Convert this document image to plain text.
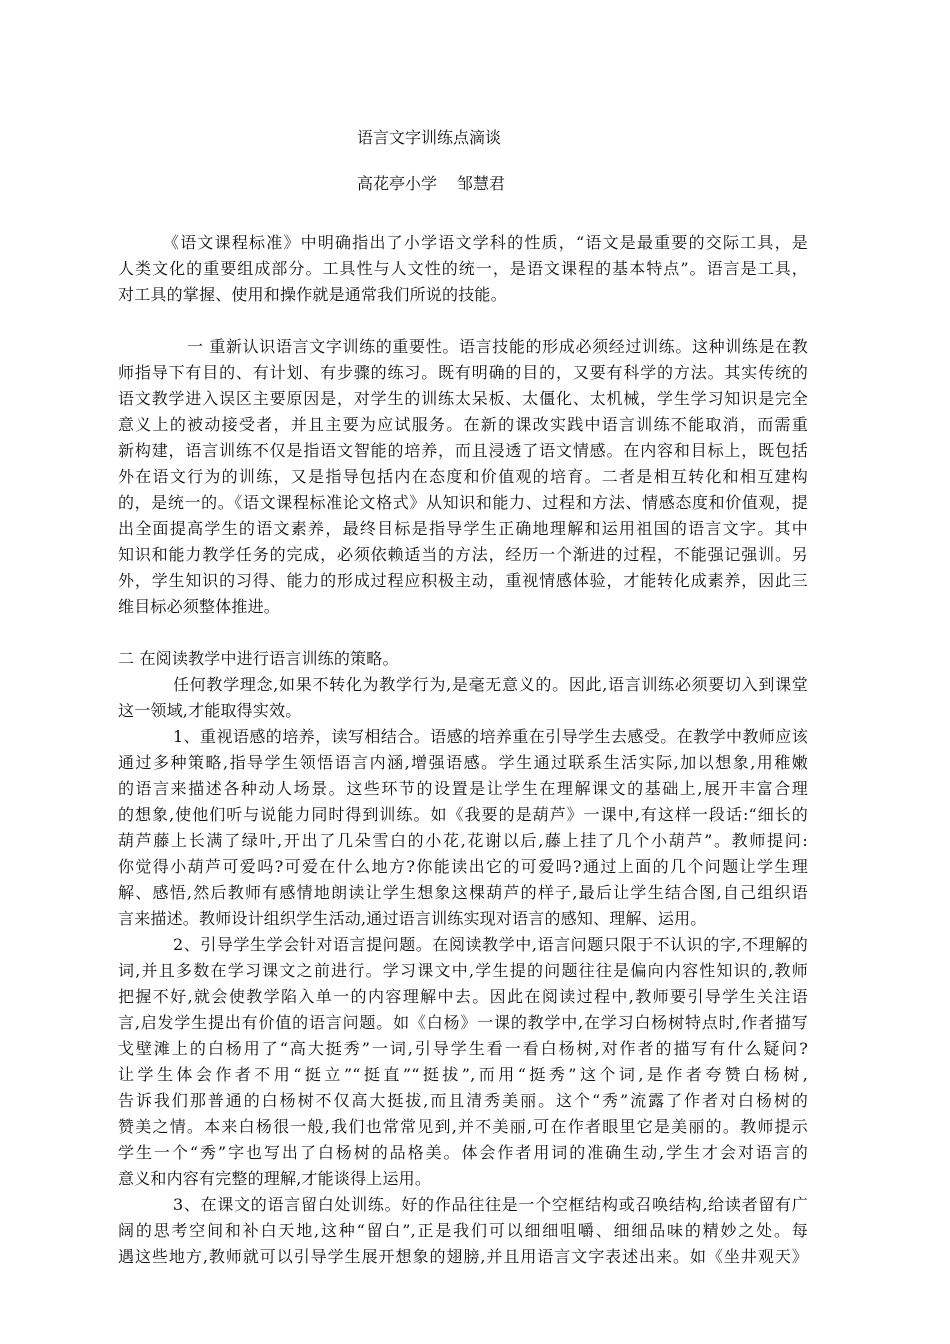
语言文字训练点滴谈
高花亭小学 邹慧君
《语文课程标准》中明确指出了小学语文学科的性质，“语文是最重要的交际工具，是
人类文化的重要组成部分。工具性与人文性的统一，是语文课程的基本特点”。语言是工具，
对工具的掌握、使用和操作就是通常我们所说的技能。
一 重新认识语言文字训练的重要性。语言技能的形成必须经过训练。这种训练是在教
师指导下有目的、有计划、有步骤的练习。既有明确的目的，又要有科学的方法。其实传统的
语文教学进入误区主要原因是，对学生的训练太呆板、太僵化、太机械，学生学习知识是完全
意义上的被动接受者，并且主要为应试服务。在新的课改实践中语言训练不能取消，而需重
新构建，语言训练不仅是指语文智能的培养，而且浸透了语文情感。在内容和目标上，既包括
外在语文行为的训练，又是指导包括内在态度和价值观的培育。二者是相互转化和相互建构
的，是统一的。《语文课程标准论文格式》从知识和能力、过程和方法、情感态度和价值观，提
出全面提高学生的语文素养，最终目标是指导学生正确地理解和运用祖国的语言文字。其中
知识和能力教学任务的完成，必须依赖适当的方法，经历一个渐进的过程，不能强记强训。另
外，学生知识的习得、能力的形成过程应积极主动，重视情感体验，才能转化成素养，因此三
维目标必须整体推进。
二 在阅读教学中进行语言训练的策略。
任何教学理念,如果不转化为教学行为,是毫无意义的。因此,语言训练必须要切入到课堂
这一领域,才能取得实效。
1、重视语感的培养，读写相结合。语感的培养重在引导学生去感受。在教学中教师应该
通过多种策略,指导学生领悟语言内涵,增强语感。学生通过联系生活实际,加以想象,用稚嫩
的语言来描述各种动人场景。这些环节的设置是让学生在理解课文的基础上,展开丰富合理
的想象,使他们听与说能力同时得到训练。如《我要的是葫芦》一课中,有这样一段话:“细长的
葫芦藤上长满了绿叶,开出了几朵雪白的小花,花谢以后,藤上挂了几个小葫芦”。教师提问:
你觉得小葫芦可爱吗?可爱在什么地方?你能读出它的可爱吗?通过上面的几个问题让学生理
解、感悟,然后教师有感情地朗读让学生想象这棵葫芦的样子,最后让学生结合图,自己组织语
言来描述。教师设计组织学生活动,通过语言训练实现对语言的感知、理解、运用。
2、引导学生学会针对语言提问题。在阅读教学中,语言问题只限于不认识的字,不理解的
词,并且多数在学习课文之前进行。学习课文中,学生提的问题往往是偏向内容性知识的,教师
把握不好,就会使教学陷入单一的内容理解中去。因此在阅读过程中,教师要引导学生关注语
言,启发学生提出有价值的语言问题。如《白杨》一课的教学中,在学习白杨树特点时,作者描写
戈壁滩上的白杨用了“高大挺秀”一词,引导学生看一看白杨树,对作者的描写有什么疑问?
让学生体会作者不用“挺立”“挺直”“挺拔”,而用“挺秀”这个词,是作者夸赞白杨树,
告诉我们那普通的白杨树不仅高大挺拔,而且清秀美丽。这个“秀”流露了作者对白杨树的
赞美之情。本来白杨很一般,我们也常常见到,并不美丽,可在作者眼里它是美丽的。教师提示
学生一个“秀”字也写出了白杨树的品格美。体会作者用词的准确生动,学生才会对语言的
意义和内容有完整的理解,才能谈得上运用。
3、在课文的语言留白处训练。好的作品往往是一个空框结构或召唤结构,给读者留有广
阔的思考空间和补白天地,这种“留白”,正是我们可以细细咀嚼、细细品味的精妙之处。每
遇这些地方,教师就可以引导学生展开想象的翅膀,并且用语言文字表述出来。如《坐井观天》
